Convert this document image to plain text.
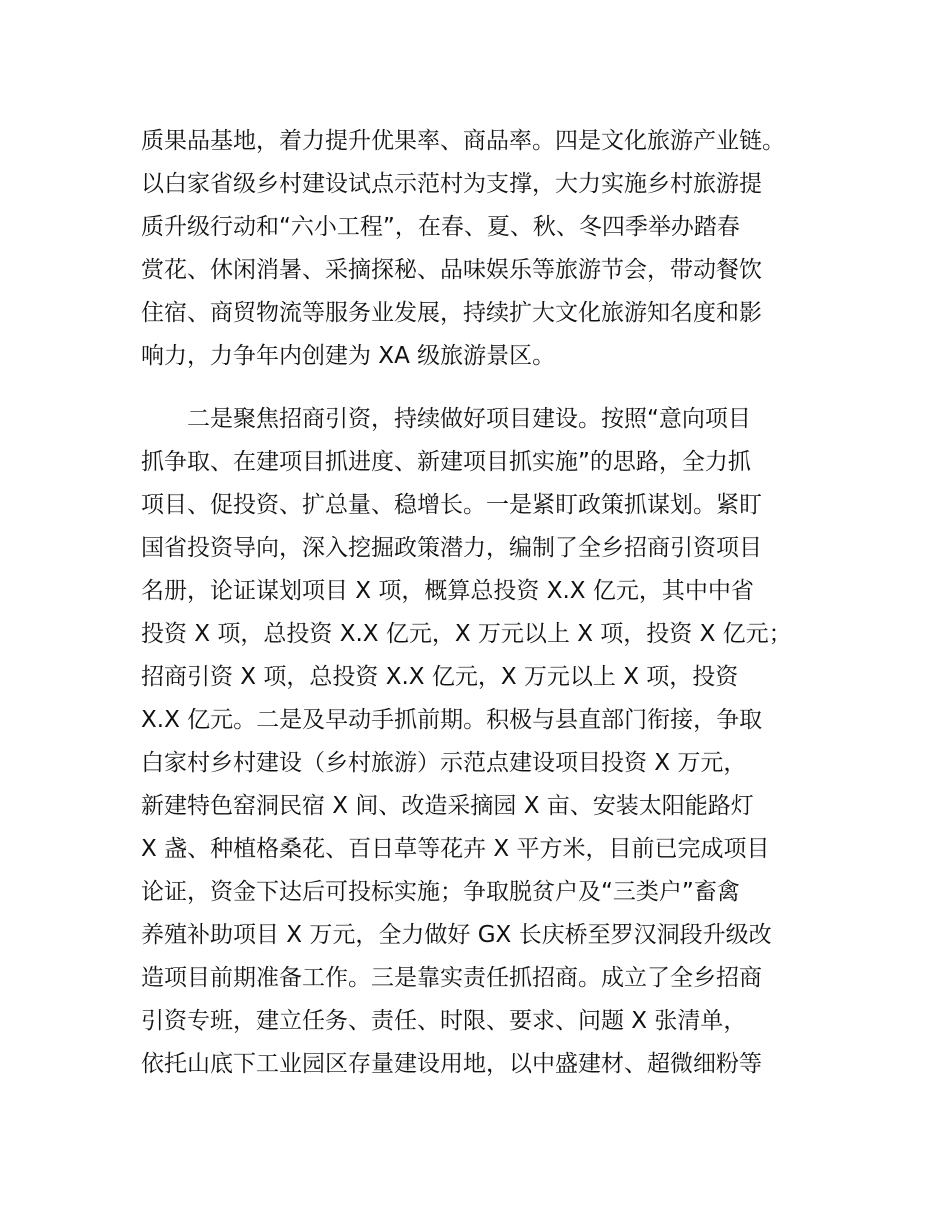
质果品基地，着力提升优果率、商品率。四是文化旅游产业链。
以白家省级乡村建设试点示范村为支撑，大力实施乡村旅游提
质升级行动和“六小工程”，在春、夏、秋、冬四季举办踏春
赏花、休闲消暑、采摘探秘、品味娱乐等旅游节会，带动餐饮
住宿、商贸物流等服务业发展，持续扩大文化旅游知名度和影
响力，力争年内创建为 XA 级旅游景区。
二是聚焦招商引资，持续做好项目建设。按照“意向项目
抓争取、在建项目抓进度、新建项目抓实施”的思路，全力抓
项目、促投资、扩总量、稳增长。一是紧盯政策抓谋划。紧盯
国省投资导向，深入挖掘政策潜力，编制了全乡招商引资项目
名册，论证谋划项目 X 项，概算总投资 X.X 亿元，其中中省
投资 X 项，总投资 X.X 亿元，X 万元以上 X 项，投资 X 亿元；
招商引资 X 项，总投资 X.X 亿元，X 万元以上 X 项，投资
X.X 亿元。二是及早动手抓前期。积极与县直部门衔接，争取
白家村乡村建设（乡村旅游）示范点建设项目投资 X 万元，
新建特色窑洞民宿 X 间、改造采摘园 X 亩、安装太阳能路灯
X 盏、种植格桑花、百日草等花卉 X 平方米，目前已完成项目
论证，资金下达后可投标实施；争取脱贫户及“三类户”畜禽
养殖补助项目 X 万元，全力做好 GX 长庆桥至罗汉洞段升级改
造项目前期准备工作。三是靠实责任抓招商。成立了全乡招商
引资专班，建立任务、责任、时限、要求、问题 X 张清单，
依托山底下工业园区存量建设用地，以中盛建材、超微细粉等
